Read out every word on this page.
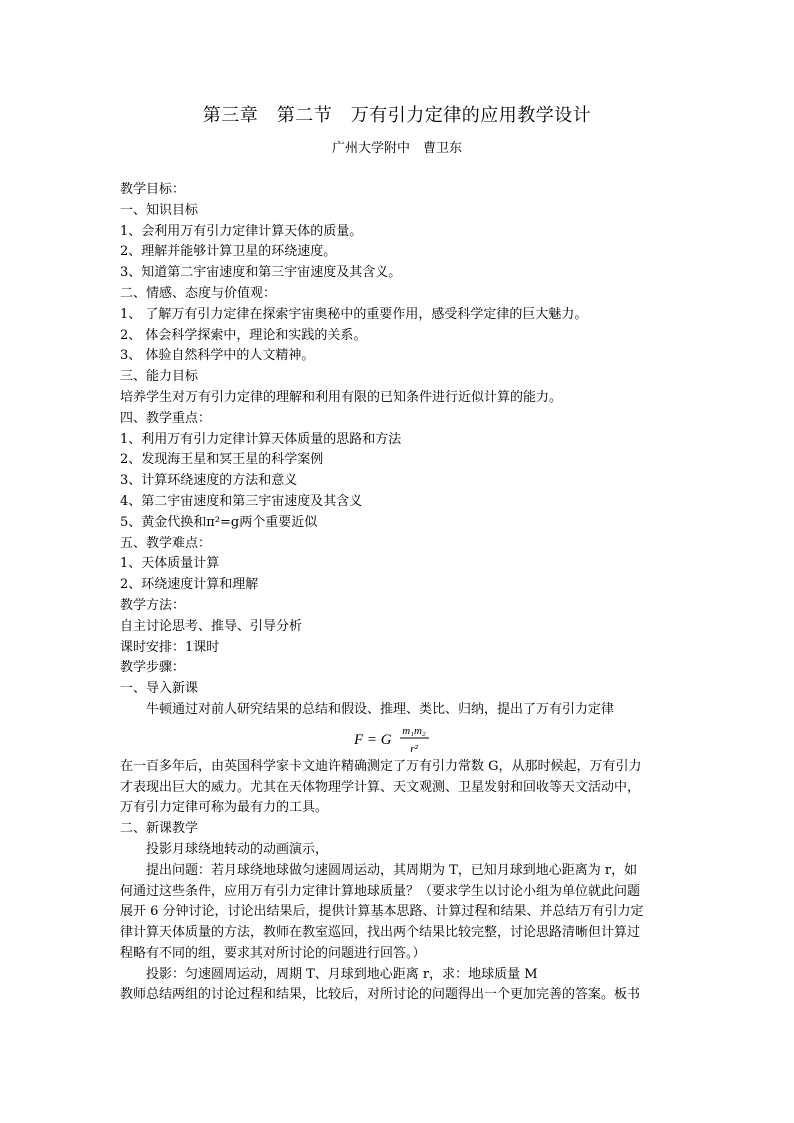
第三章　第二节　万有引力定律的应用教学设计
广州大学附中　曹卫东
教学目标：
一、知识目标
1、会利用万有引力定律计算天体的质量。
2、理解并能够计算卫星的环绕速度。
3、知道第二宇宙速度和第三宇宙速度及其含义。
二、情感、态度与价值观：
1、 了解万有引力定律在探索宇宙奥秘中的重要作用，感受科学定律的巨大魅力。
2、 体会科学探索中，理论和实践的关系。
3、 体验自然科学中的人文精神。
三、能力目标
培养学生对万有引力定律的理解和利用有限的已知条件进行近似计算的能力。
四、教学重点：
1、利用万有引力定律计算天体质量的思路和方法
2、发现海王星和冥王星的科学案例
3、计算环绕速度的方法和意义
4、第二宇宙速度和第三宇宙速度及其含义
5、黄金代换和π²=g两个重要近似
五、教学难点：
1、天体质量计算
2、环绕速度计算和理解
教学方法：
自主讨论思考、推导、引导分析
课时安排：1课时
教学步骤：
一、导入新课
牛顿通过对前人研究结果的总结和假设、推理、类比、归纳，提出了万有引力定律
F = G
m₁m₂
r²
在一百多年后，由英国科学家卡文迪许精确测定了万有引力常数 G，从那时候起，万有引力
才表现出巨大的威力。尤其在天体物理学计算、天文观测、卫星发射和回收等天文活动中，
万有引力定律可称为最有力的工具。
二、新课教学
投影月球绕地转动的动画演示，
提出问题：若月球绕地球做匀速圆周运动，其周期为 T，已知月球到地心距离为 r，如
何通过这些条件，应用万有引力定律计算地球质量？（要求学生以讨论小组为单位就此问题
展开 6 分钟讨论，讨论出结果后，提供计算基本思路、计算过程和结果、并总结万有引力定
律计算天体质量的方法，教师在教室巡回，找出两个结果比较完整，讨论思路清晰但计算过
程略有不同的组，要求其对所讨论的问题进行回答。）
投影：匀速圆周运动，周期 T、月球到地心距离 r，求：地球质量 M
教师总结两组的讨论过程和结果，比较后，对所讨论的问题得出一个更加完善的答案。板书
